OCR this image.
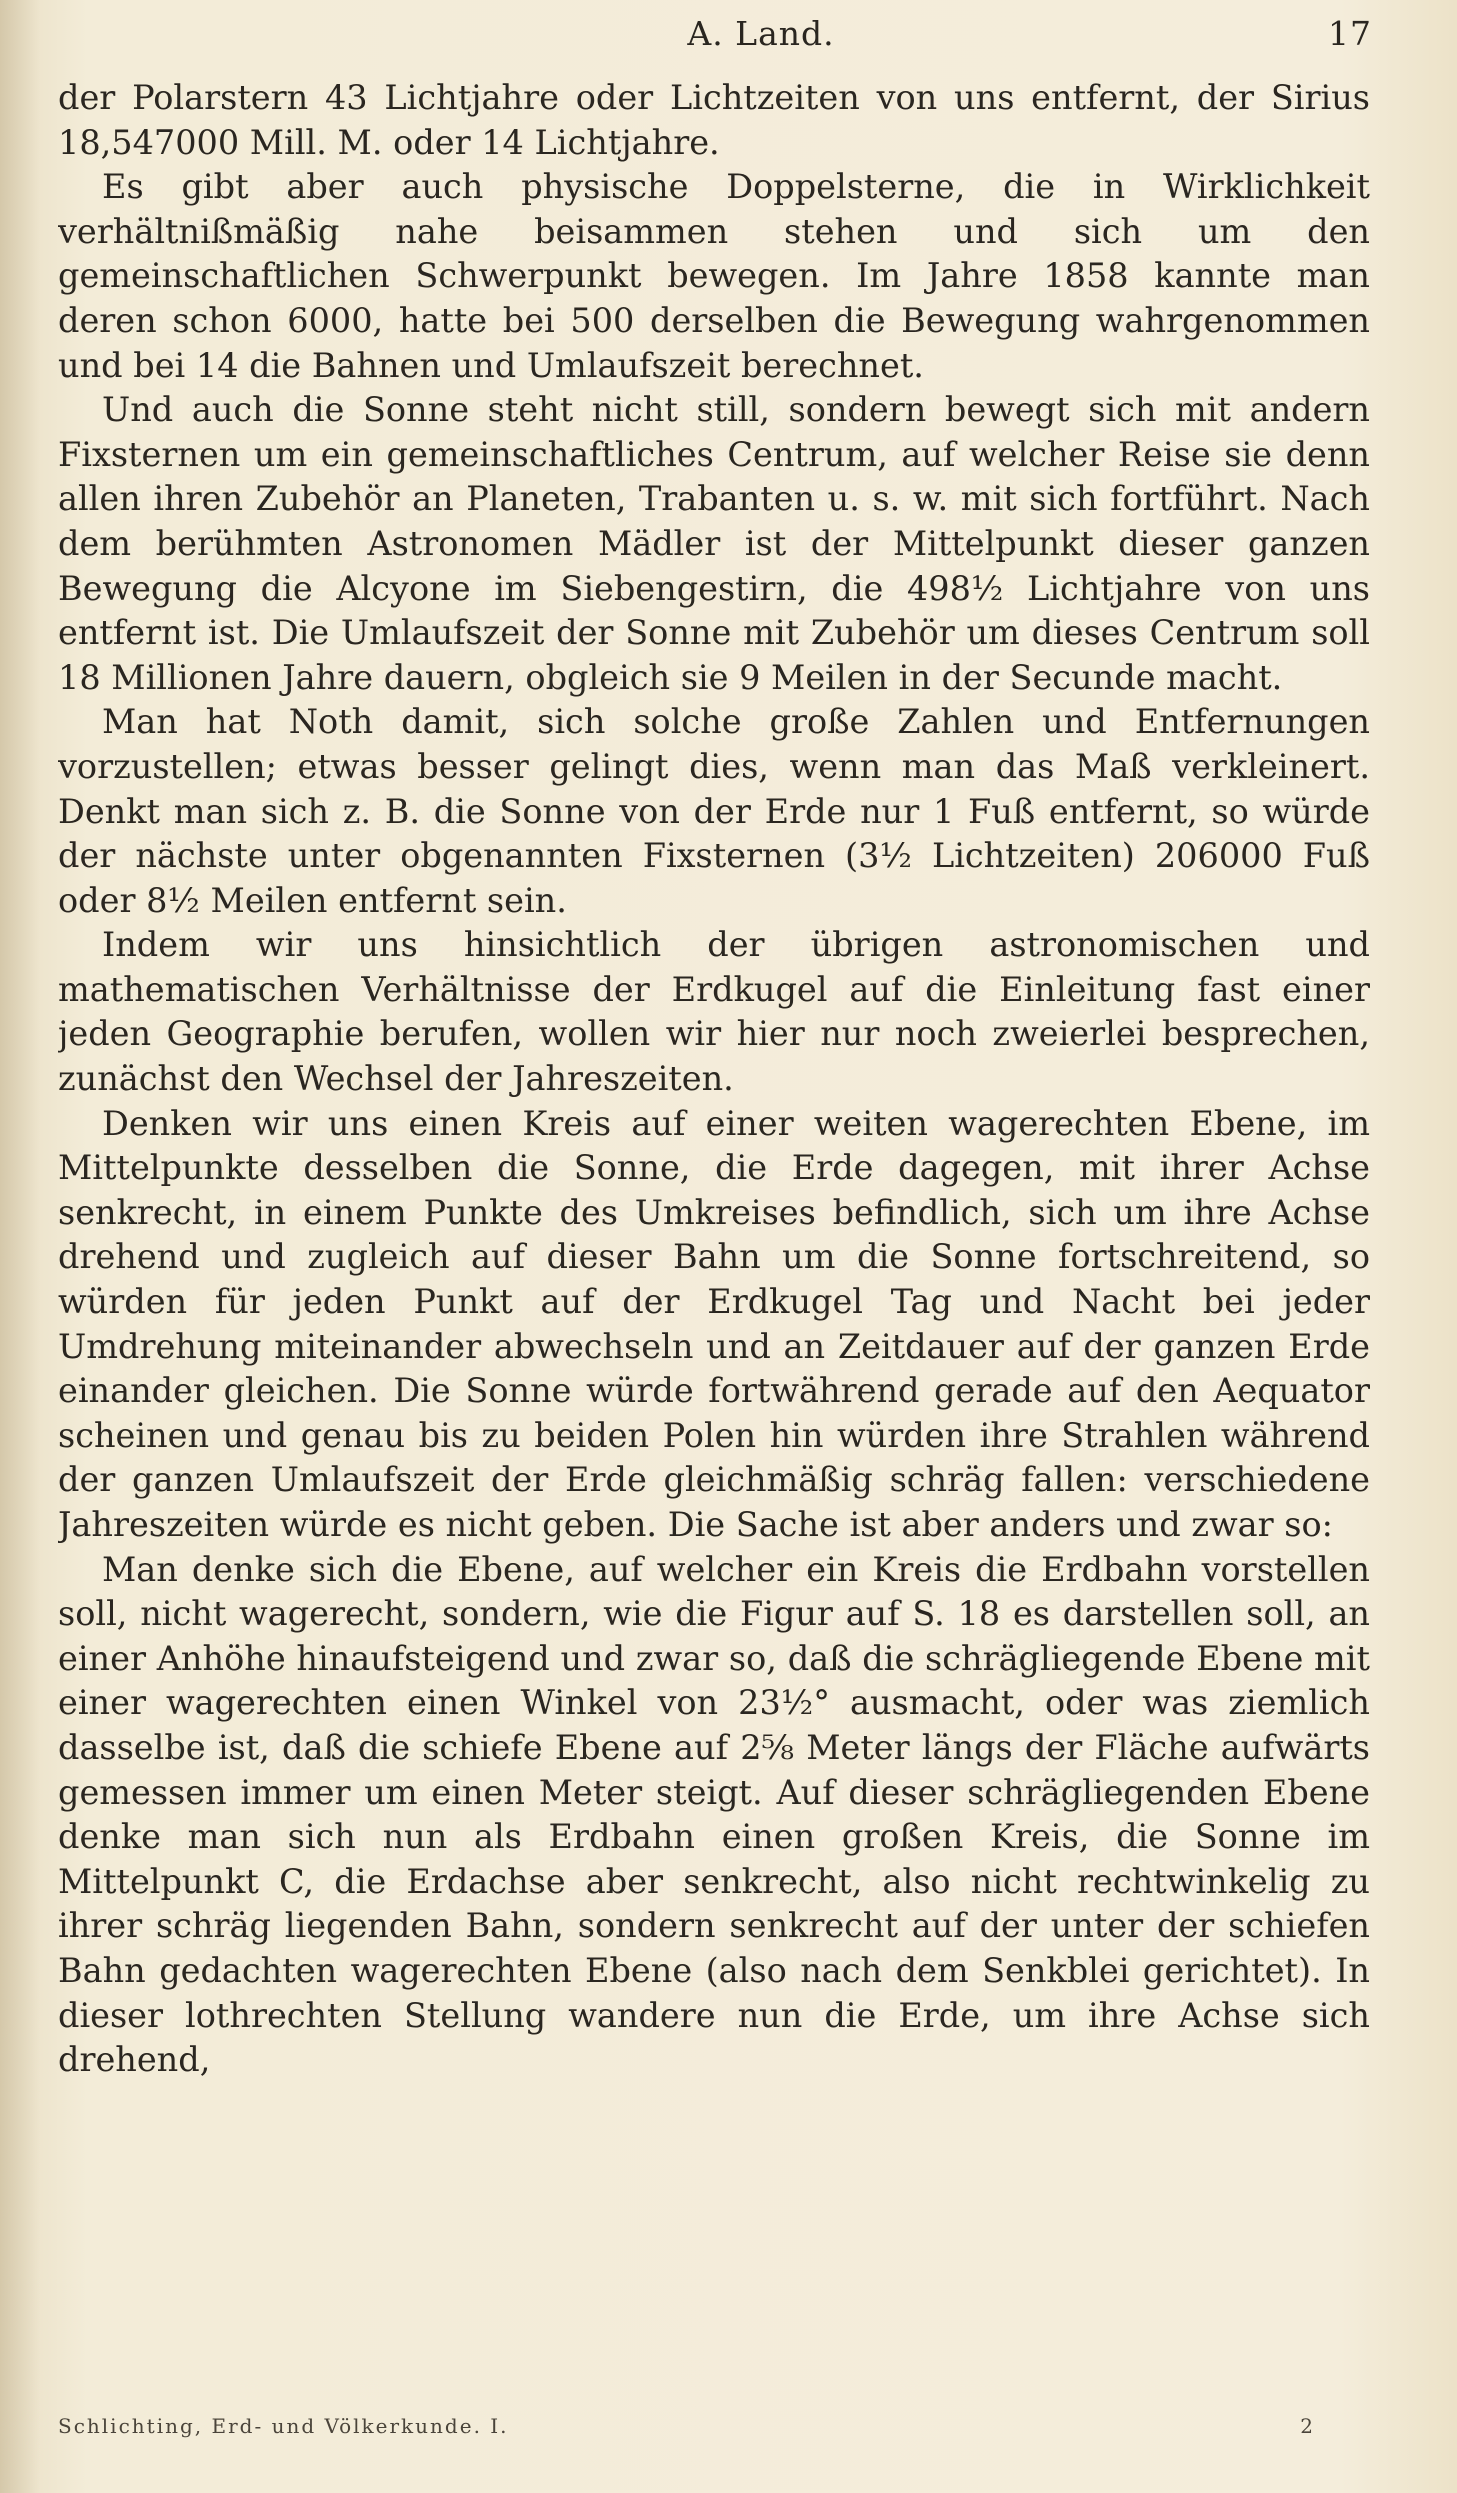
A. Land.	17

der Polarstern 43 Lichtjahre oder Lichtzeiten von uns entfernt, der Sirius 18,547000 Mill. M. oder 14 Lichtjahre.

Es gibt aber auch physische Doppelsterne, die in Wirklichkeit verhältnißmäßig nahe beisammen stehen und sich um den gemeinschaftlichen Schwerpunkt bewegen. Im Jahre 1858 kannte man deren schon 6000, hatte bei 500 derselben die Bewegung wahrgenommen und bei 14 die Bahnen und Umlaufszeit berechnet.

Und auch die Sonne steht nicht still, sondern bewegt sich mit andern Fixsternen um ein gemeinschaftliches Centrum, auf welcher Reise sie denn allen ihren Zubehör an Planeten, Trabanten u. s. w. mit sich fortführt. Nach dem berühmten Astronomen Mädler ist der Mittelpunkt dieser ganzen Bewegung die Alcyone im Siebengestirn, die 498½ Lichtjahre von uns entfernt ist. Die Umlaufszeit der Sonne mit Zubehör um dieses Centrum soll 18 Millionen Jahre dauern, obgleich sie 9 Meilen in der Secunde macht.

Man hat Noth damit, sich solche große Zahlen und Entfernungen vorzustellen; etwas besser gelingt dies, wenn man das Maß verkleinert. Denkt man sich z. B. die Sonne von der Erde nur 1 Fuß entfernt, so würde der nächste unter obgenannten Fixsternen (3½ Lichtzeiten) 206000 Fuß oder 8½ Meilen entfernt sein.

Indem wir uns hinsichtlich der übrigen astronomischen und mathematischen Verhältnisse der Erdkugel auf die Einleitung fast einer jeden Geographie berufen, wollen wir hier nur noch zweierlei besprechen, zunächst den Wechsel der Jahreszeiten.

Denken wir uns einen Kreis auf einer weiten wagerechten Ebene, im Mittelpunkte desselben die Sonne, die Erde dagegen, mit ihrer Achse senkrecht, in einem Punkte des Umkreises befindlich, sich um ihre Achse drehend und zugleich auf dieser Bahn um die Sonne fortschreitend, so würden für jeden Punkt auf der Erdkugel Tag und Nacht bei jeder Umdrehung miteinander abwechseln und an Zeitdauer auf der ganzen Erde einander gleichen. Die Sonne würde fortwährend gerade auf den Aequator scheinen und genau bis zu beiden Polen hin würden ihre Strahlen während der ganzen Umlaufszeit der Erde gleichmäßig schräg fallen: verschiedene Jahreszeiten würde es nicht geben. Die Sache ist aber anders und zwar so:

Man denke sich die Ebene, auf welcher ein Kreis die Erdbahn vorstellen soll, nicht wagerecht, sondern, wie die Figur auf S. 18 es darstellen soll, an einer Anhöhe hinaufsteigend und zwar so, daß die schrägliegende Ebene mit einer wagerechten einen Winkel von 23½° ausmacht, oder was ziemlich dasselbe ist, daß die schiefe Ebene auf 2⅝ Meter längs der Fläche aufwärts gemessen immer um einen Meter steigt. Auf dieser schrägliegenden Ebene denke man sich nun als Erdbahn einen großen Kreis, die Sonne im Mittelpunkt C, die Erdachse aber senkrecht, also nicht rechtwinkelig zu ihrer schräg liegenden Bahn, sondern senkrecht auf der unter der schiefen Bahn gedachten wagerechten Ebene (also nach dem Senkblei gerichtet). In dieser lothrechten Stellung wandere nun die Erde, um ihre Achse sich drehend,

Schlichting, Erd- und Völkerkunde. I.	2
